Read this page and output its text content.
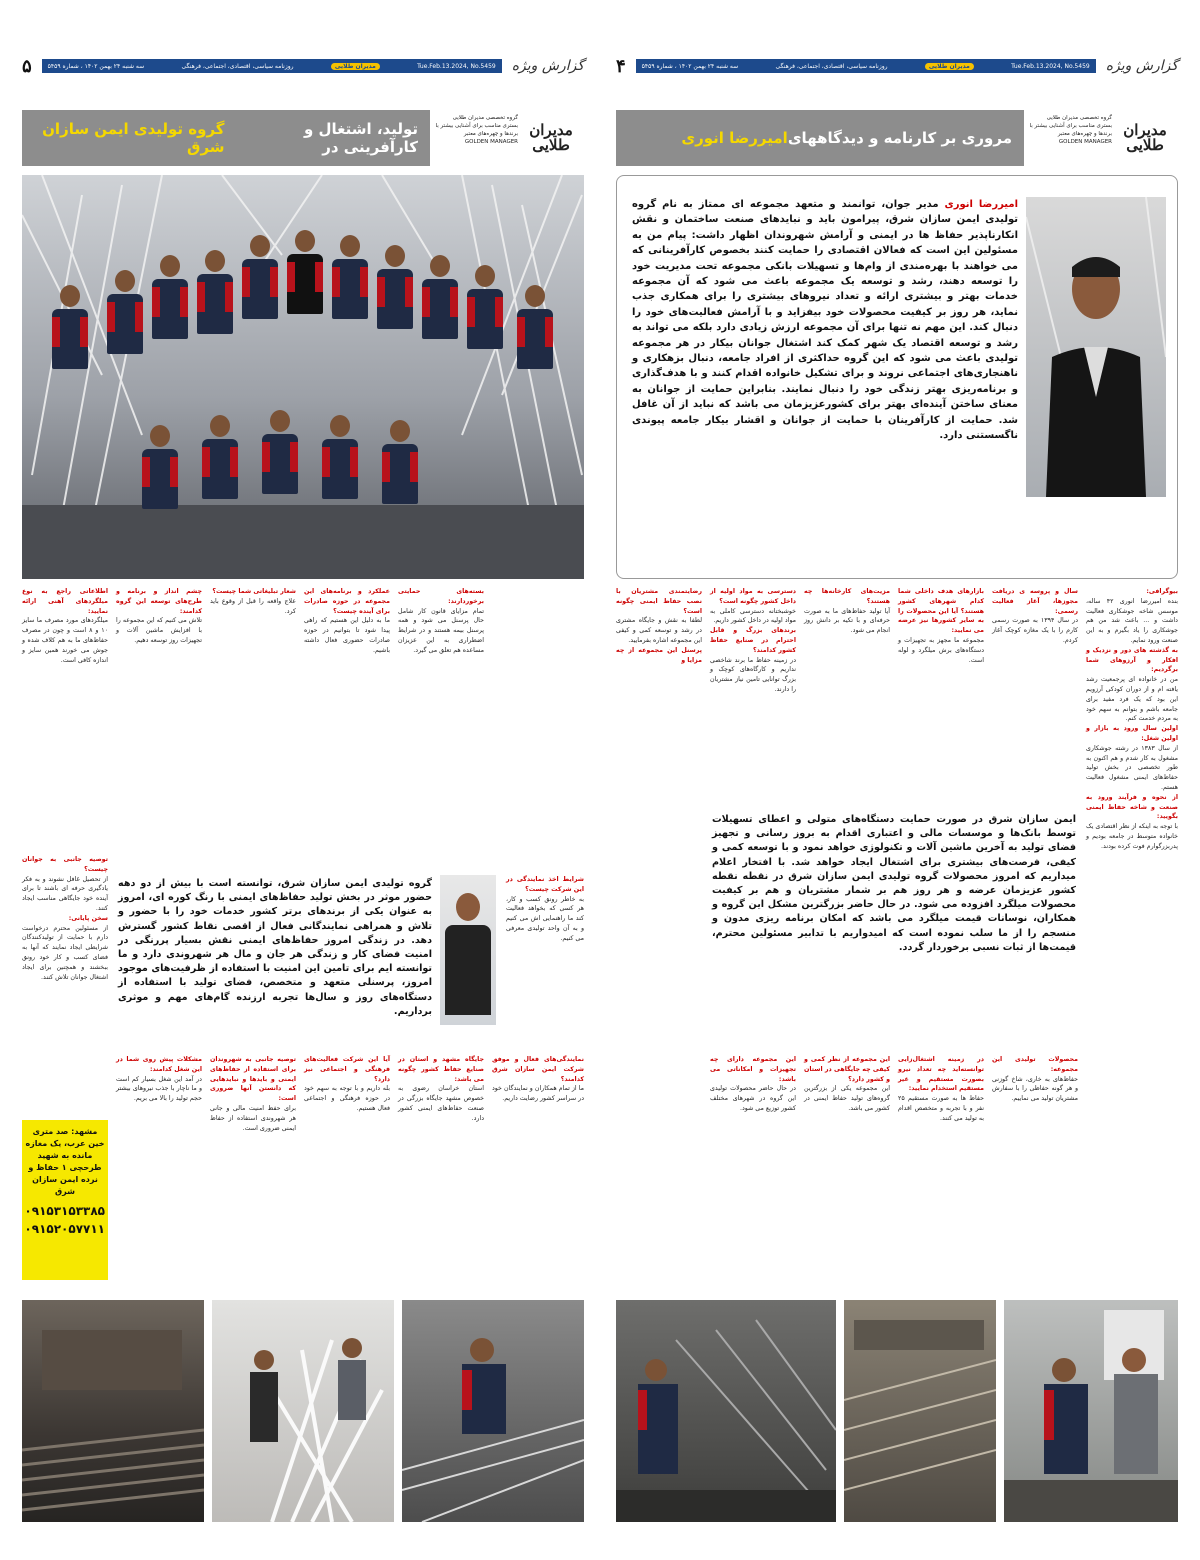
گزارش ویژه
Tue.Feb.13.2024, No.5459
مدیران طلایی
روزنامه سیاسی، اقتصادی، اجتماعی، فرهنگی
سه شنبه ۲۴ بهمن ۱۴۰۲ ، شماره ۵۴۵۹
۵
مدیران
طلایی
گروه تخصصی مدیران طلایی
بستری مناسب برای آشنایی بیشتر با
برندها و چهره‌های معتبر
GOLDEN MANAGER
تولید، اشتغال و کارآفرینی در
گروه تولیدی ایمن سازان شرق
اطلاعاتی راجع به نوع میلگردهای آهنی ارائه نمایید:
میلگردهای مورد مصرف ما سایز ۱۰ و ۸ است و چون در مصرف حفاظ‌های ما به هم کلاف شده و جوش می خورند همین سایز و اندازه کافی است.
چشم انداز و برنامه و طرح‌های توسعه این گروه کدامند:
تلاش می کنیم که این مجموعه را با افزایش ماشین آلات و تجهیزات روز توسعه دهیم.
شعار تبلیغاتی شما چیست؟
علاج واقعه را قبل از وقوع باید کرد.
عملکرد و برنامه‌های این مجموعه در حوزه صادرات برای آینده چیست؟
ما به دلیل این هستیم که راهی پیدا شود تا بتوانیم در حوزه صادرات حضوری فعال داشته باشیم.
بسته‌های حمایتی برخوردارند:
تمام مزایای قانون کار شامل حال پرسنل می شود و همه پرسنل بیمه هستند و در شرایط اضطراری به این عزیزان مساعده هم تعلق می گیرد.
گروه تولیدی ایمن سازان شرق، توانسته است با بیش از دو دهه حضور موثر در بخش تولید حفاظ‌های ایمنی با رنگ کوره ای، امروز به عنوان یکی از برندهای برتر کشور خدمات خود را با حضور و تلاش و همراهی نمایندگانی فعال از اقصی نقاط کشور گسترش دهد. در زندگی امروز حفاظ‌های ایمنی نقش بسیار پررنگی در امنیت فضای کار و زندگی هر جان و مال هر شهروندی دارد و ما توانسته ایم برای تامین این امنیت با استفاده از ظرفیت‌های موجود امروز، پرسنلی متعهد و متخصص، فضای تولید با استفاده از دستگاه‌های روز و سال‌ها تجربه ارزنده گام‌های مهم و موثری برداریم.
شرایط اخذ نمایندگی در این شرکت چیست؟
به خاطر رونق کسب و کار، هر کسی که بخواهد فعالیت کند ما راهنمایی اش می کنیم و به آن واحد تولیدی معرفی می کنیم.
توصیه جانبی به جوانان چیست؟
از تحصیل غافل نشوند و به فکر یادگیری حرفه ای باشند تا برای آینده خود جایگاهی مناسب ایجاد کنند.

سخن پایانی:
از مسئولین محترم درخواست دارم با حمایت از تولیدکنندگان شرایطی ایجاد نمایند که آنها به فضای کسب و کار خود رونق ببخشند و همچنین برای ایجاد اشتغال جوانان تلاش کنند.
مشکلات پیش روی شما در این شغل کدامند:
در آمد این شغل بسیار کم است و ما ناچار با جذب نیروهای بیشتر حجم تولید را بالا می بریم.
توصیه جانبی به شهروندان برای استفاده از حفاظ‌های ایمنی و بایدها و نبایدهایی که دانستن آنها ضروری است:
برای حفظ امنیت مالی و جانی هر شهروندی استفاده از حفاظ ایمنی ضروری است.
آیا این شرکت فعالیت‌های فرهنگی و اجتماعی نیز دارد؟
بله داریم و با توجه به سهم خود در حوزه فرهنگی و اجتماعی فعال هستیم.
جایگاه مشهد و استان در صنایع حفاظ کشور چگونه می باشد:
استان خراسان رضوی به خصوص مشهد جایگاه بزرگی در صنعت حفاظ‌های ایمنی کشور دارد.
نمایندگی‌های فعال و موفق شرکت ایمن سازان شرق کدامند؟
ما از تمام همکاران و نمایندگان خود در سراسر کشور رضایت داریم.
مشهد: صد متری خین عرب، یک مغازه مانده به شهید طرحچی ۱ حفاظ و نرده ایمن سازان شرق
۰۹۱۵۳۱۵۳۳۸۵
۰۹۱۵۲۰۵۷۷۱۱
گزارش ویژه
Tue.Feb.13.2024, No.5459
مدیران طلایی
روزنامه سیاسی، اقتصادی، اجتماعی، فرهنگی
سه شنبه ۲۴ بهمن ۱۴۰۲ ، شماره ۵۴۵۹
۴
مدیران
طلایی
گروه تخصصی مدیران طلایی
بستری مناسب برای آشنایی بیشتر با
برندها و چهره‌های معتبر
GOLDEN MANAGER
مروری بر کارنامه و دیدگاههای
امیررضا انوری
امیررضا انوری مدیر جوان، توانمند و متعهد مجموعه ای ممتاز به نام گروه تولیدی ایمن سازان شرق، پیرامون باید و نبایدهای صنعت ساختمان و نقش انکارناپذیر حفاظ ها در ایمنی و آرامش شهروندان اظهار داشت: پیام من به مسئولین این است که فعالان اقتصادی را حمایت کنند بخصوص کارآفرینانی که می خواهند با بهره‌مندی از وام‌ها و تسهیلات بانکی مجموعه تحت مدیریت خود را توسعه دهند، رشد و توسعه یک مجموعه باعث می شود که آن مجموعه خدمات بهتر و بیشتری ارائه و تعداد نیروهای بیشتری را برای همکاری جذب نماید، هر روز بر کیفیت محصولات خود بیفزاید و با آرامش فعالیت‌های خود را دنبال کند. این مهم نه تنها برای آن مجموعه ارزش زیادی دارد بلکه می تواند به رشد و توسعه اقتصاد یک شهر کمک کند اشتغال جوانان بیکار در هر مجموعه تولیدی باعث می شود که این گروه حداکثری از افراد جامعه، دنبال بزهکاری و ناهنجاری‌های اجتماعی نروند و برای تشکیل خانواده اقدام کنند و با هدف‌گذاری و برنامه‌ریزی بهتر زندگی خود را دنبال نمایند. بنابراین حمایت از جوانان به معنای ساختن آینده‌ای بهتر برای کشورعزیزمان می باشد که نباید از آن غافل شد. حمایت از کارآفرینان با حمایت از جوانان و اقشار بیکار جامعه پیوندی ناگسستنی دارد.
رضایتمندی مشتریان با نصب حفاظ ایمنی چگونه است؟
لطفا به نقش و جایگاه مشتری در رشد و توسعه کمی و کیفی این مجموعه اشاره بفرمایید.

پرسنل این مجموعه از چه مزایا و
دسترسی به مواد اولیه از داخل کشور چگونه است؟
خوشبختانه دسترسی کاملی به مواد اولیه در داخل کشور داریم.

برندهای بزرگ و قابل احترام در صنایع حفاظ کشور کدامند؟
در زمینه حفاظ ما برند شاخصی نداریم و کارگاه‌های کوچک و بزرگ توانایی تامین نیاز مشتریان را دارند.
مزیت‌های کارخانه‌ها چه هستند؟
آیا تولید حفاظ‌های ما به صورت حرفه‌ای و با تکیه بر دانش روز انجام می شود.
بازارهای هدف داخلی شما کدام شهرهای کشور هستند؟ آیا این محصولات را به سایر کشورها نیز عرضه می نمایید:
مجموعه ما مجهز به تجهیزات و دستگاه‌های برش میلگرد و لوله است.
سال و پروسه ی دریافت مجوزها، آغاز فعالیت رسمی:
در سال ۱۳۹۴ به صورت رسمی کارم را با یک مغازه کوچک آغاز کردم.
بیوگرافی:
بنده امیررضا انوری ۴۲ ساله، موسس شاخه جوشکاری فعالیت داشت و ... باعث شد من هم جوشکاری را یاد بگیرم و به این صنعت ورود نمایم.

به گذشته های دور و نزدیک و افکار و آرزوهای شما برگردیم:
من در خانواده ای پرجمعیت رشد یافته ام و از دوران کودکی آرزویم این بود که یک فرد مفید برای جامعه باشم و بتوانم به سهم خود به مردم خدمت کنم.

اولین سال ورود به بازار و اولین شغل:
از سال ۱۳۸۳ در رشته جوشکاری مشغول به کار شدم و هم اکنون به طور تخصصی در بخش تولید حفاظ‌های ایمنی مشغول فعالیت هستم.

از نحوه و فرآیند ورود به صنعت و شاخه حفاظ ایمنی بگویید:
با توجه به اینکه از نظر اقتصادی یک خانواده متوسط در جامعه بودیم و پدربزرگوارم فوت کرده بودند.
ایمن سازان شرق در صورت حمایت دستگاه‌های متولی و اعطای تسهیلات توسط بانک‌ها و موسسات مالی و اعتباری اقدام به بروز رسانی و تجهیز فضای تولید به آخرین ماشین آلات و تکنولوژی خواهد نمود و با توسعه کمی و کیفی، فرصت‌های بیشتری برای اشتغال ایجاد خواهد شد. با افتخار اعلام میداریم که امروز محصولات گروه تولیدی ایمن سازان شرق در نقطه نقطه کشور عزیزمان عرضه و هر روز هم بر شمار مشتریان و هم بر کیفیت محصولات میلگرد افزوده می شود. در حال حاضر بزرگترین مشکل این گروه و همکاران، نوسانات قیمت میلگرد می باشد که امکان برنامه ریزی مدون و منسجم را از ما سلب نموده است که امیدواریم با تدابیر مسئولین محترم، قیمت‌ها از ثبات نسبی برخوردار گردد.
این مجموعه از نظر کمی و کیفی چه جایگاهی در استان و کشور دارد؟
این مجموعه یکی از بزرگترین گروه‌های تولید حفاظ ایمنی در کشور می باشد.
در زمینه اشتغال‌زایی توانسته‌اید چه تعداد نیرو بصورت مستقیم و غیر مستقیم استخدام نمایید:
حفاظ‌ ها به صورت مستقیم ۲۵ نفر و با تجربه و متخصص اقدام به تولید می کنند.
محصولات تولیدی این مجموعه:
حفاظ‌های به خاری، شاخ گوزنی و هر گونه حفاظی را با سفارش مشتریان تولید می نماییم.
این مجموعه دارای چه تجهیزات و امکاناتی می باشد:
در حال حاضر محصولات تولیدی این گروه در شهرهای مختلف کشور توزیع می شود.
